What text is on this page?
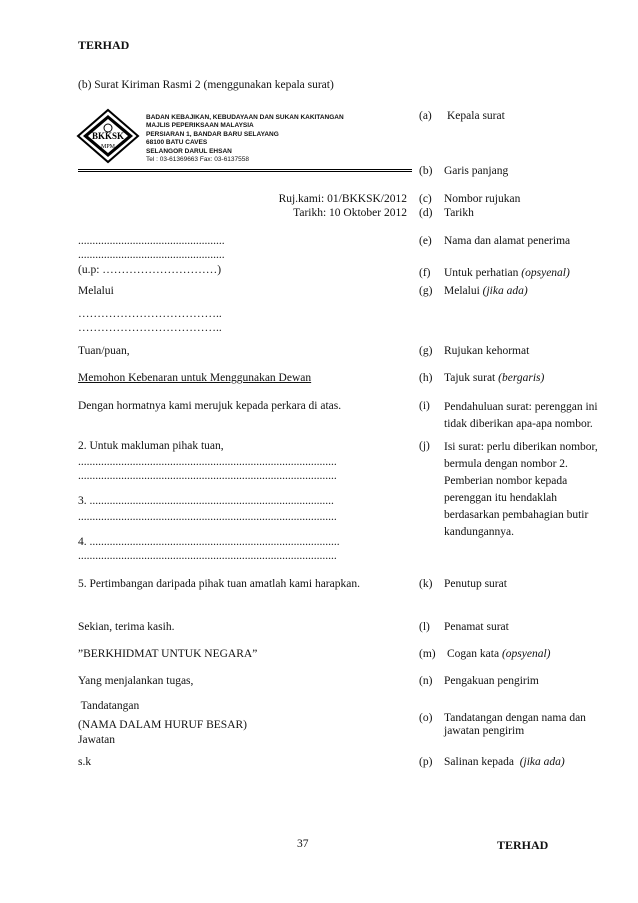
TERHAD
(b) Surat Kiriman Rasmi 2 (menggunakan kepala surat)
BKKSK
MPM
BADAN KEBAJIKAN, KEBUDAYAAN DAN SUKAN KAKITANGAN
MAJLIS PEPERIKSAAN MALAYSIA
PERSIARAN 1, BANDAR BARU SELAYANG
68100 BATU CAVES
SELANGOR DARUL EHSAN
Tel : 03-61369663 Fax: 03-6137558
Ruj.kami: 01/BKKSK/2012
Tarikh: 10 Oktober 2012
...................................................
...................................................
(u.p: …………………………)
Melalui
………………………………..
………………………………..
Tuan/puan,
Memohon Kebenaran untuk Menggunakan Dewan
Dengan hormatnya kami merujuk kepada perkara di atas.
2. Untuk makluman pihak tuan,
..........................................................................................
..........................................................................................
3. .....................................................................................
..........................................................................................
4. .......................................................................................
..........................................................................................
5. Pertimbangan daripada pihak tuan amatlah kami harapkan.
Sekian, terima kasih.
”BERKHIDMAT UNTUK NEGARA”
Yang menjalankan tugas,
Tandatangan
(NAMA DALAM HURUF BESAR)
Jawatan
s.k
(a) Kepala surat
(b) Garis panjang
(c) Nombor rujukan
(d) Tarikh
(e) Nama dan alamat penerima
(f) Untuk perhatian (opsyenal)
(g) Melalui (jika ada)
(g) Rujukan kehormat
(h) Tajuk surat (bergaris)
(i) Pendahuluan surat: perenggan ini tidak diberikan apa-apa nombor.
(j) Isi surat: perlu diberikan nombor, bermula dengan nombor 2. Pemberian nombor kepada perenggan itu hendaklah berdasarkan pembahagian butir kandungannya.
(k) Penutup surat
(l) Penamat surat
(m) Cogan kata (opsyenal)
(n) Pengakuan pengirim
(o) Tandatangan dengan nama dan jawatan pengirim
(p) Salinan kepada  (jika ada)
37	TERHAD
